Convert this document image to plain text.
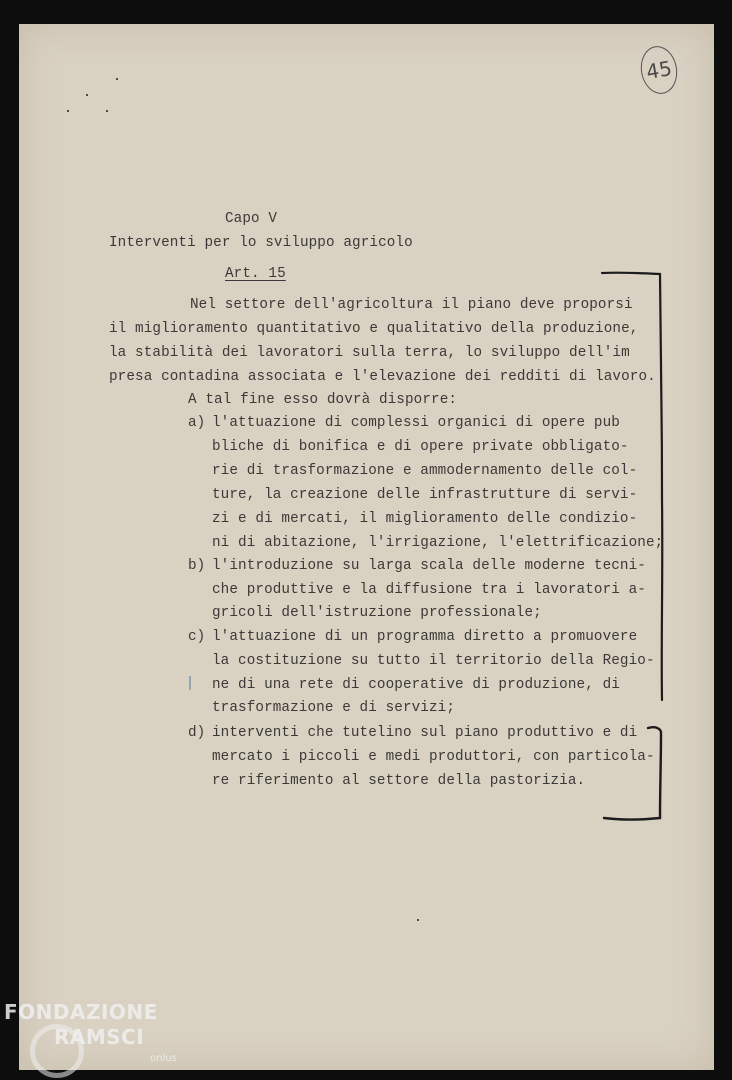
45
Capo V
Interventi per lo sviluppo agricolo
Art. 15
Nel settore dell'agricoltura il piano deve proporsi
il miglioramento quantitativo e qualitativo della produzione,
la stabilità dei lavoratori sulla terra, lo sviluppo dell'im
presa contadina associata e l'elevazione dei redditi di lavoro.
A tal fine esso dovrà disporre:
a) l'attuazione di complessi organici di opere pub
bliche di bonifica e di opere private obbligato-
rie di trasformazione e ammodernamento delle col-
ture, la creazione delle infrastrutture di servi-
zi e di mercati, il miglioramento delle condizio-
ni di abitazione, l'irrigazione, l'elettrificazione;
b) l'introduzione su larga scala delle moderne tecni-
che produttive e la diffusione tra i lavoratori a-
gricoli dell'istruzione professionale;
c) l'attuazione di un programma diretto a promuovere
la costituzione su tutto il territorio della Regio-
ne di una rete di cooperative di produzione, di
trasformazione e di servizi;
d) interventi che tutelino sul piano produttivo e di
mercato i piccoli e medi produttori, con particola-
re riferimento al settore della pastorizia.
FONDAZIONE
RAMSCI
onlus
